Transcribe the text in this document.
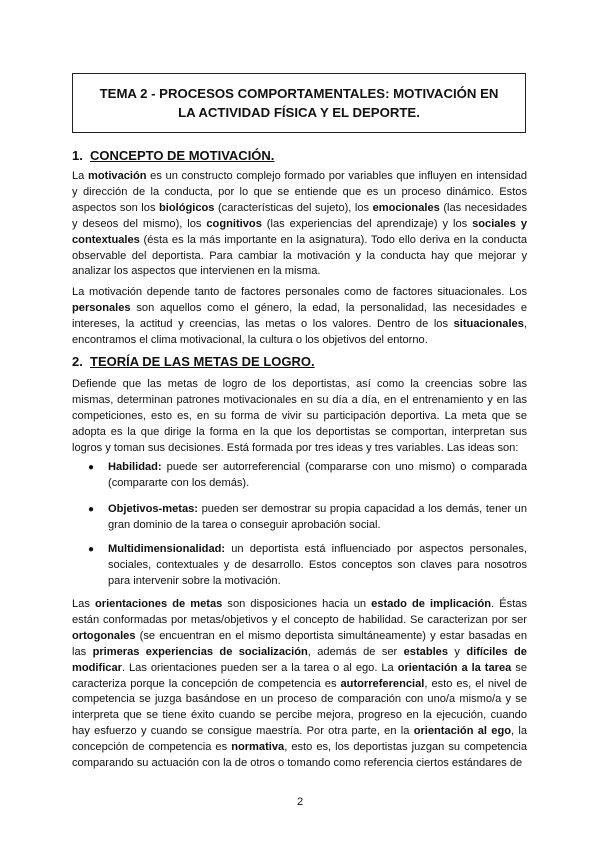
TEMA 2 - PROCESOS COMPORTAMENTALES: MOTIVACIÓN EN
LA ACTIVIDAD FÍSICA Y EL DEPORTE.
1. CONCEPTO DE MOTIVACIÓN.
La motivación es un constructo complejo formado por variables que influyen en intensidad y dirección de la conducta, por lo que se entiende que es un proceso dinámico. Estos aspectos son los biológicos (características del sujeto), los emocionales (las necesidades y deseos del mismo), los cognitivos (las experiencias del aprendizaje) y los sociales y contextuales (ésta es la más importante en la asignatura). Todo ello deriva en la conducta observable del deportista. Para cambiar la motivación y la conducta hay que mejorar y analizar los aspectos que intervienen en la misma.
La motivación depende tanto de factores personales como de factores situacionales. Los personales son aquellos como el género, la edad, la personalidad, las necesidades e intereses, la actitud y creencias, las metas o los valores. Dentro de los situacionales, encontramos el clima motivacional, la cultura o los objetivos del entorno.
2. TEORÍA DE LAS METAS DE LOGRO.
Defiende que las metas de logro de los deportistas, así como la creencias sobre las mismas, determinan patrones motivacionales en su día a día, en el entrenamiento y en las competiciones, esto es, en su forma de vivir su participación deportiva. La meta que se adopta es la que dirige la forma en la que los deportistas se comportan, interpretan sus logros y toman sus decisiones. Está formada por tres ideas y tres variables. Las ideas son:
● Habilidad: puede ser autorreferencial (compararse con uno mismo) o comparada (compararte con los demás).
● Objetivos-metas: pueden ser demostrar su propia capacidad a los demás, tener un gran dominio de la tarea o conseguir aprobación social.
● Multidimensionalidad: un deportista está influenciado por aspectos personales, sociales, contextuales y de desarrollo. Estos conceptos son claves para nosotros para intervenir sobre la motivación.
Las orientaciones de metas son disposiciones hacia un estado de implicación. Éstas están conformadas por metas/objetivos y el concepto de habilidad. Se caracterizan por ser ortogonales (se encuentran en el mismo deportista simultáneamente) y estar basadas en las primeras experiencias de socialización, además de ser estables y difíciles de modificar. Las orientaciones pueden ser a la tarea o al ego. La orientación a la tarea se caracteriza porque la concepción de competencia es autorreferencial, esto es, el nivel de competencia se juzga basándose en un proceso de comparación con uno/a mismo/a y se interpreta que se tiene éxito cuando se percibe mejora, progreso en la ejecución, cuando hay esfuerzo y cuando se consigue maestría. Por otra parte, en la orientación al ego, la concepción de competencia es normativa, esto es, los deportistas juzgan su competencia comparando su actuación con la de otros o tomando como referencia ciertos estándares de
2
